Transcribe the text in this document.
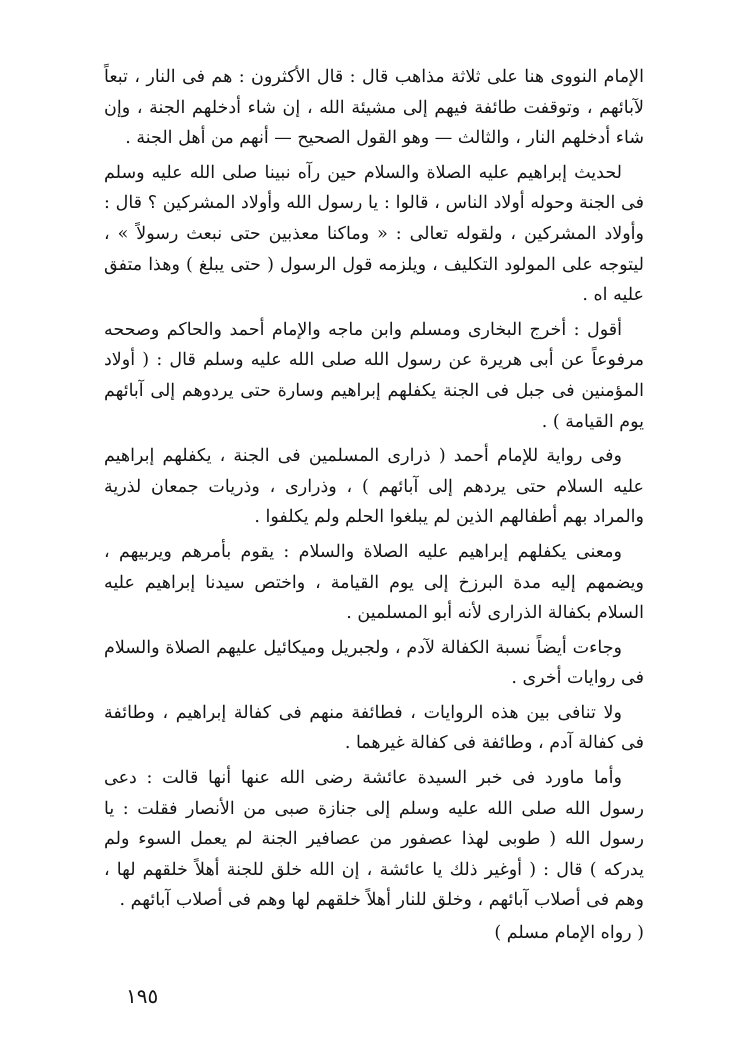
الإمام النووى هنا على ثلاثة مذاهب قال : قال الأكثرون : هم فى النار ، تبعاً لآبائهم ، وتوقفت طائفة فيهم إلى مشيئة الله ، إن شاء أدخلهم الجنة ، وإن شاء أدخلهم النار ، والثالث — وهو القول الصحيح — أنهم من أهل الجنة .

لحديث إبراهيم عليه الصلاة والسلام حين رآه نبينا صلى الله عليه وسلم فى الجنة وحوله أولاد الناس ، قالوا : يا رسول الله وأولاد المشركين ؟ قال : وأولاد المشركين ، ولقوله تعالى : « وماكنا معذبين حتى نبعث رسولاً » ، ليتوجه على المولود التكليف ، ويلزمه قول الرسول ( حتى يبلغ ) وهذا متفق عليه اه .

أقول : أخرج البخارى ومسلم وابن ماجه والإمام أحمد والحاكم وصححه مرفوعاً عن أبى هريرة عن رسول الله صلى الله عليه وسلم قال : ( أولاد المؤمنين فى جبل فى الجنة يكفلهم إبراهيم وسارة حتى يردوهم إلى آبائهم يوم القيامة ) .

وفى رواية للإمام أحمد ( ذرارى المسلمين فى الجنة ، يكفلهم إبراهيم عليه السلام حتى يردهم إلى آبائهم ) ، وذرارى ، وذريات جمعان لذرية والمراد بهم أطفالهم الذين لم يبلغوا الحلم ولم يكلفوا .

ومعنى يكفلهم إبراهيم عليه الصلاة والسلام : يقوم بأمرهم ويربيهم ، ويضمهم إليه مدة البرزخ إلى يوم القيامة ، واختص سيدنا إبراهيم عليه السلام بكفالة الذرارى لأنه أبو المسلمين .

وجاءت أيضاً نسبة الكفالة لآدم ، ولجبريل وميكائيل عليهم الصلاة والسلام فى روايات أخرى .

ولا تنافى بين هذه الروايات ، فطائفة منهم فى كفالة إبراهيم ، وطائفة فى كفالة آدم ، وطائفة فى كفالة غيرهما .

وأما ماورد فى خبر السيدة عائشة رضى الله عنها أنها قالت : دعى رسول الله صلى الله عليه وسلم إلى جنازة صبى من الأنصار فقلت : يا رسول الله ( طوبى لهذا عصفور من عصافير الجنة لم يعمل السوء ولم يدركه ) قال : ( أوغير ذلك يا عائشة ، إن الله خلق للجنة أهلاً خلقهم لها ، وهم فى أصلاب آبائهم ، وخلق للنار أهلاً خلقهم لها وهم فى أصلاب آبائهم .

( رواه الإمام مسلم )

١٩٥
